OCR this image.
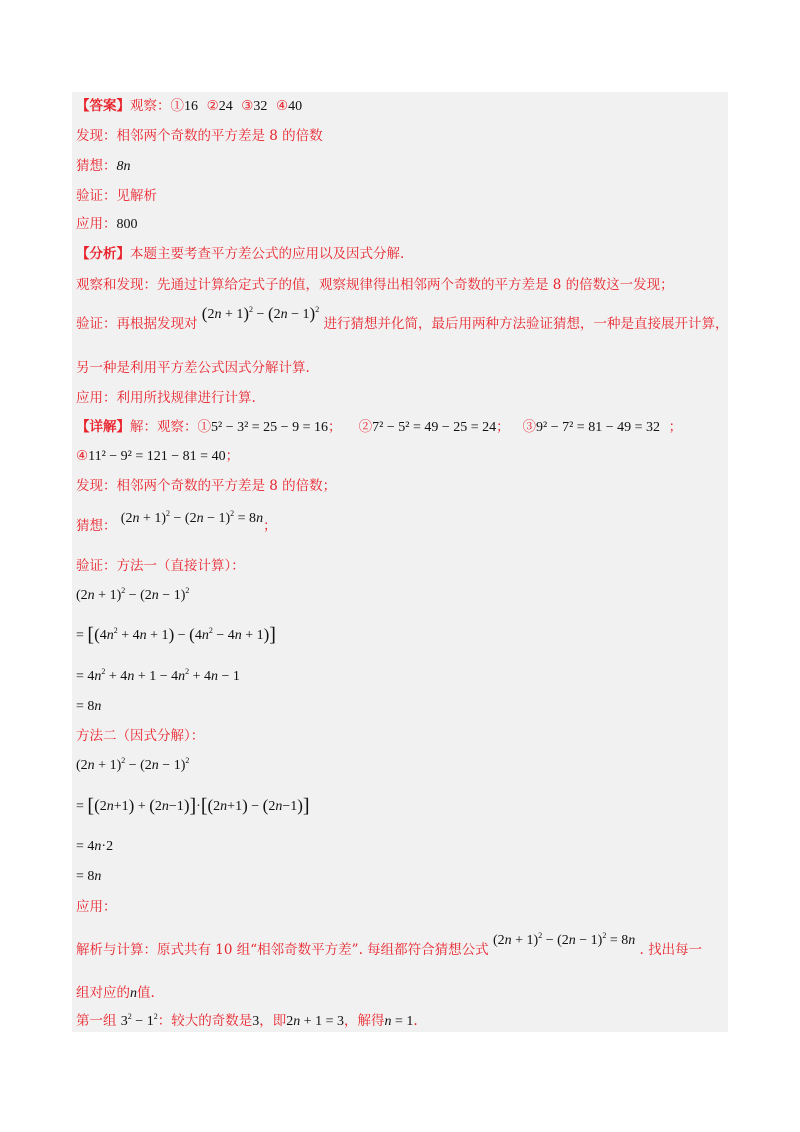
【答案】观察：①16 ②24 ③32 ④40
发现：相邻两个奇数的平方差是 8 的倍数
猜想：8n
验证：见解析
应用：800
【分析】本题主要考查平方差公式的应用以及因式分解.
观察和发现：先通过计算给定式子的值，观察规律得出相邻两个奇数的平方差是 8 的倍数这一发现；
验证：再根据发现对 $(2n + 1)^2 - (2n - 1)^2$ 进行猜想并化简，最后用两种方法验证猜想，一种是直接展开计算，
另一种是利用平方差公式因式分解计算.
应用：利用所找规律进行计算.
【详解】解：观察：①5² − 3² = 25 − 9 = 16； ②7² − 5² = 49 − 25 = 24； ③9² − 7² = 81 − 49 = 32 ；
④11² − 9² = 121 − 81 = 40；
发现：相邻两个奇数的平方差是 8 的倍数；
猜想： $(2n + 1)^2 - (2n - 1)^2 = 8n$；
验证：方法一（直接计算）：
$(2n + 1)^2 - (2n - 1)^2$
= $[(4n^2 + 4n + 1) - (4n^2 - 4n + 1)]$
= $4n^2 + 4n + 1 - 4n^2 + 4n - 1$
= 8n
方法二（因式分解）：
$(2n + 1)^2 - (2n - 1)^2$
= [(2n+1) + (2n−1)]·[(2n+1) − (2n−1)]
= 4n·2
= 8n
应用：
解析与计算：原式共有 10 组“相邻奇数平方差”. 每组都符合猜想公式 $(2n + 1)^2 - (2n - 1)^2 = 8n$ . 找出每一
组对应的n值.
第一组 $3^2 - 1^2$：较大的奇数是3，即2n + 1 = 3，解得n = 1.
